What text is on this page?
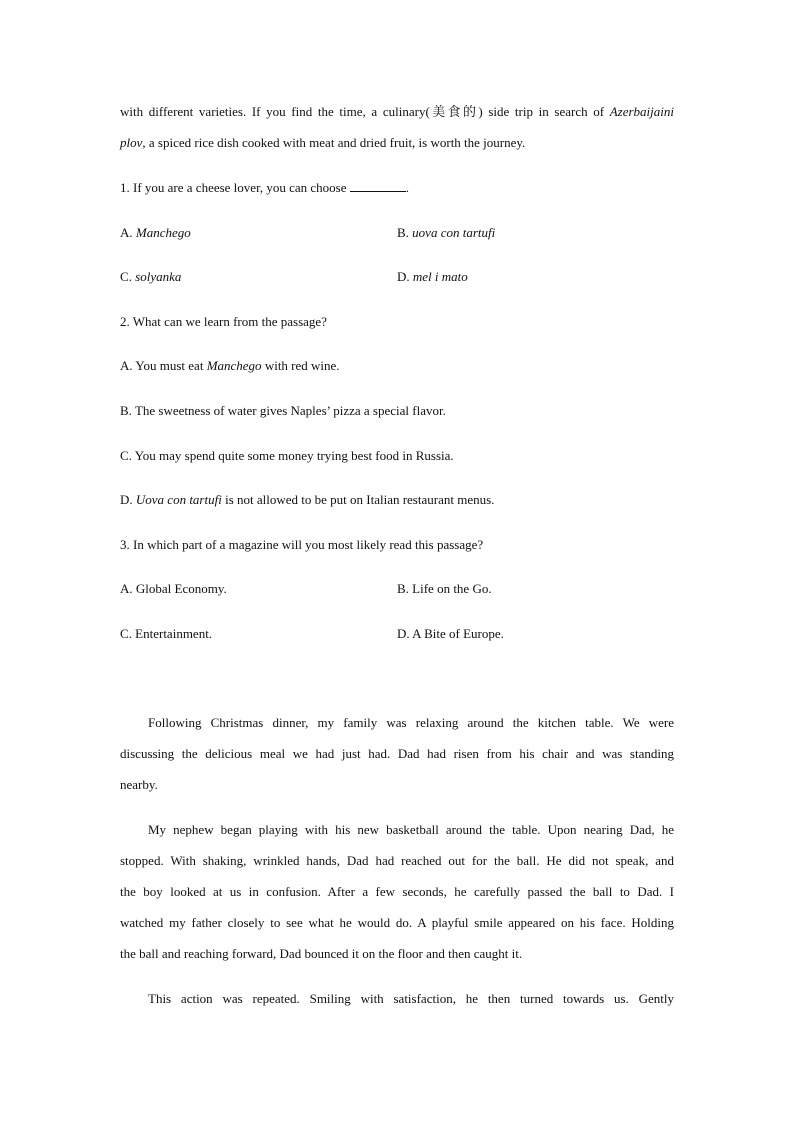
with different varieties. If you find the time, a culinary(美食的) side trip in search of Azerbaijaini
plov, a spiced rice dish cooked with meat and dried fruit, is worth the journey.
1. If you are a cheese lover, you can choose	.
A. Manchego	B. uova con tartufi
C. solyanka	D. mel i mato
2. What can we learn from the passage?
A. You must eat Manchego with red wine.
B. The sweetness of water gives Naples’ pizza a special flavor.
C. You may spend quite some money trying best food in Russia.
D. Uova con tartufi is not allowed to be put on Italian restaurant menus.
3. In which part of a magazine will you most likely read this passage?
A. Global Economy.	B. Life on the Go.
C. Entertainment.	D. A Bite of Europe.
Following Christmas dinner, my family was relaxing around the kitchen table. We were
discussing the delicious meal we had just had. Dad had risen from his chair and was standing
nearby.
My nephew began playing with his new basketball around the table. Upon nearing Dad, he
stopped. With shaking, wrinkled hands, Dad had reached out for the ball. He did not speak, and
the boy looked at us in confusion. After a few seconds, he carefully passed the ball to Dad. I
watched my father closely to see what he would do. A playful smile appeared on his face. Holding
the ball and reaching forward, Dad bounced it on the floor and then caught it.
This action was repeated. Smiling with satisfaction, he then turned towards us. Gently
